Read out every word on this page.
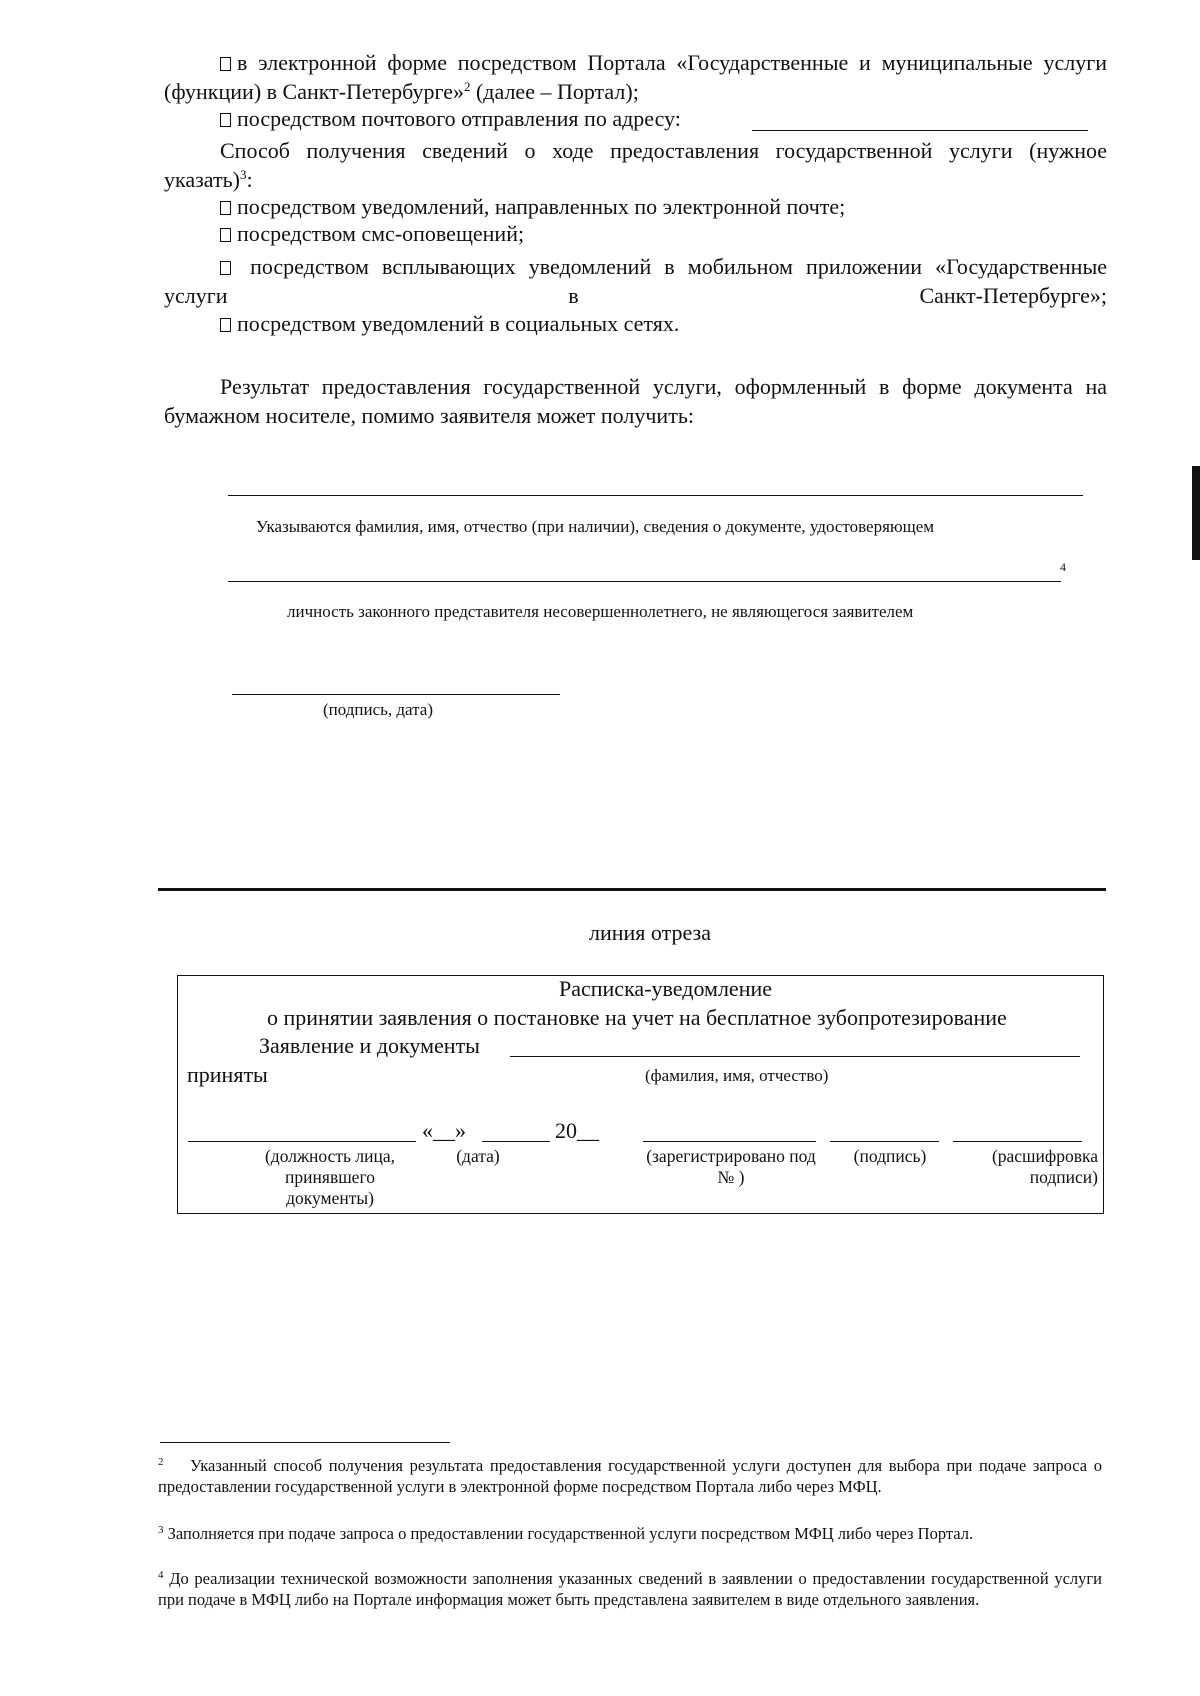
в электронной форме посредством Портала «Государственные и муниципальные услуги (функции) в Санкт-Петербурге»$^2$ (далее – Портал);
посредством почтового отправления по адресу:
Способ получения сведений о ходе предоставления государственной услуги (нужное указать)$^3$:
посредством уведомлений, направленных по электронной почте;
посредством смс-оповещений;
посредством всплывающих уведомлений в мобильном приложении «Государственные услуги в Санкт-Петербурге»;
посредством уведомлений в социальных сетях.
Результат предоставления государственной услуги, оформленный в форме документа на бумажном носителе, помимо заявителя может получить:
Указываются фамилия, имя, отчество (при наличии), сведения о документе, удостоверяющем
4
личность законного представителя несовершеннолетнего, не являющегося заявителем
(подпись, дата)
линия отреза
Расписка-уведомление
о принятии заявления о постановке на учет на бесплатное зубопротезирование
Заявление и документы
приняты	(фамилия, имя, отчество)
«__»	20__
(должность лица, принявшего документы)
(дата)	(зарегистрировано под № )
(подпись)	(расшифровка подписи)
$^2$ Указанный способ получения результата предоставления государственной услуги доступен для выбора при подаче запроса о предоставлении государственной услуги в электронной форме посредством Портала либо через МФЦ.
$^3$ Заполняется при подаче запроса о предоставлении государственной услуги посредством МФЦ либо через Портал.
$^4$ До реализации технической возможности заполнения указанных сведений в заявлении о предоставлении государственной услуги при подаче в МФЦ либо на Портале информация может быть представлена заявителем в виде отдельного заявления.
